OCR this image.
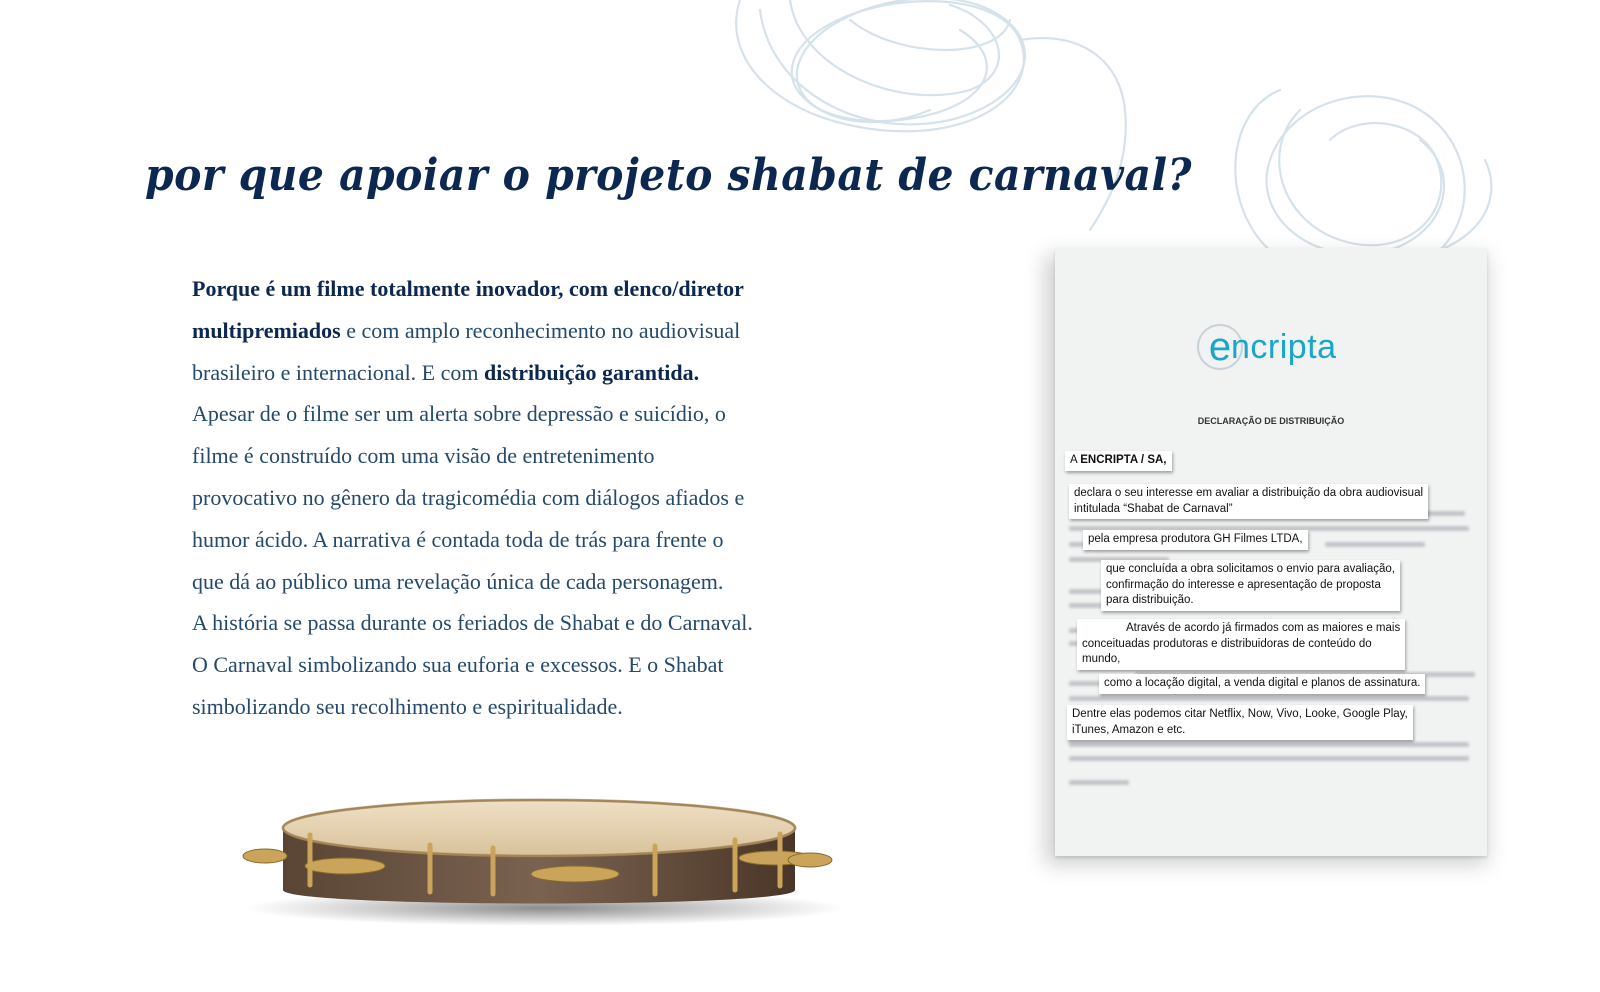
por que apoiar o projeto shabat de carnaval?
Porque é um filme totalmente inovador, com elenco/diretor
multipremiados e com amplo reconhecimento no audiovisual
brasileiro e internacional. E com distribuição garantida.
Apesar de o filme ser um alerta sobre depressão e suicídio, o
filme é construído com uma visão de entretenimento
provocativo no gênero da tragicomédia com diálogos afiados e
humor ácido. A narrativa é contada toda de trás para frente o
que dá ao público uma revelação única de cada personagem.
A história se passa durante os feriados de Shabat e do Carnaval.
O Carnaval simbolizando sua euforia e excessos. E o Shabat
simbolizando seu recolhimento e espiritualidade.
e ncripta
DECLARAÇÃO DE DISTRIBUIÇÃO
A ENCRIPTA / SA,
declara o seu interesse em avaliar a distribuição da obra audiovisual
intitulada “Shabat de Carnaval”
pela empresa produtora GH Filmes LTDA,
que concluída a obra solicitamos o envio para avaliação,
confirmação do interesse e apresentação de proposta
para distribuição.
Através de acordo já firmados com as maiores e mais
conceituadas produtoras e distribuidoras de conteúdo do
mundo,
como a locação digital, a venda digital e planos de assinatura.
Dentre elas podemos citar Netflix, Now, Vivo, Looke, Google Play,
iTunes, Amazon e etc.
